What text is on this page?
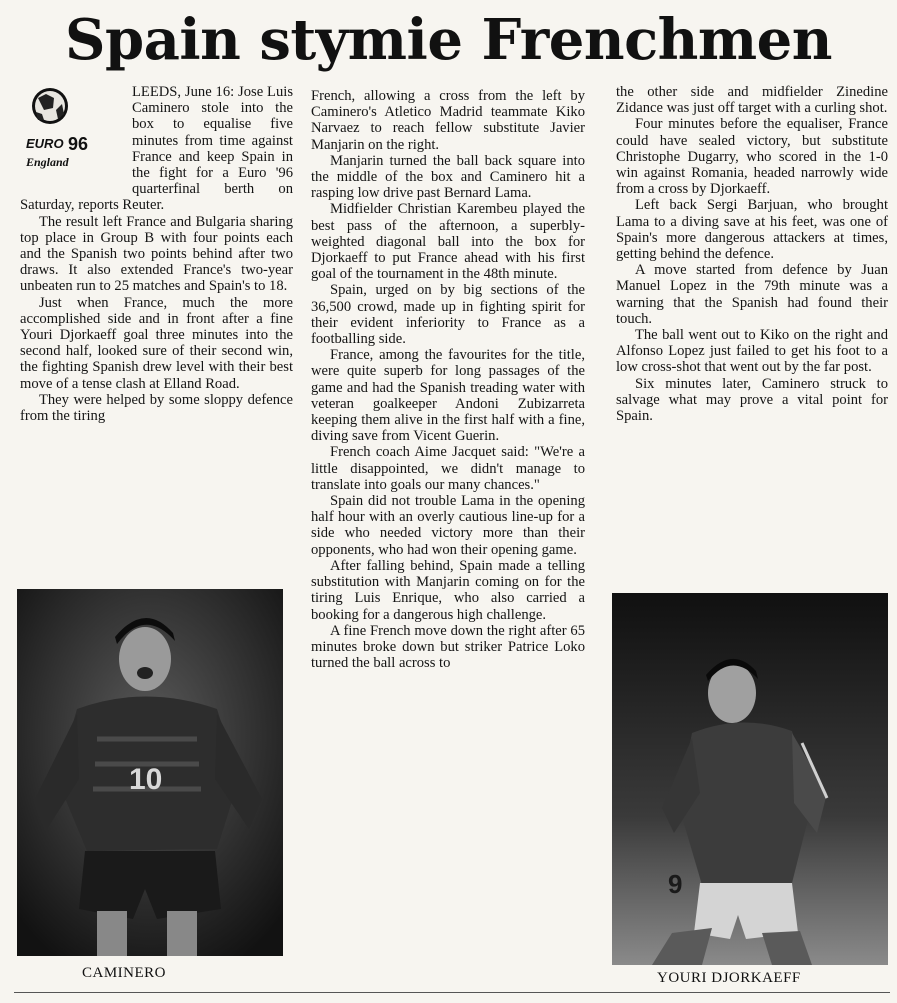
Spain stymie Frenchmen
EURO 96
England

LEEDS, June 16: Jose Luis Caminero stole into the box to equalise five minutes from time against France and keep Spain in the fight for a Euro '96 quarterfinal berth on Saturday, reports Reuter.

The result left France and Bulgaria sharing top place in Group B with four points each and the Spanish two points behind after two draws. It also extended France's two-year unbeaten run to 25 matches and Spain's to 18.

Just when France, much the more accomplished side and in front after a fine Youri Djorkaeff goal three minutes into the second half, looked sure of their second win, the fighting Spanish drew level with their best move of a tense clash at Elland Road.

They were helped by some sloppy defence from the tiring

French, allowing a cross from the left by Caminero's Atletico Madrid teammate Kiko Narvaez to reach fellow substitute Javier Manjarin on the right.

Manjarin turned the ball back square into the middle of the box and Caminero hit a rasping low drive past Bernard Lama.

Midfielder Christian Karembeu played the best pass of the afternoon, a superbly-weighted diagonal ball into the box for Djorkaeff to put France ahead with his first goal of the tournament in the 48th minute.

Spain, urged on by big sections of the 36,500 crowd, made up in fighting spirit for their evident inferiority to France as a footballing side.

France, among the favourites for the title, were quite superb for long passages of the game and had the Spanish treading water with veteran goalkeeper Andoni Zubizarreta keeping them alive in the first half with a fine, diving save from Vicent Guerin.

French coach Aime Jacquet said: "We're a little disappointed, we didn't manage to translate into goals our many chances."

Spain did not trouble Lama in the opening half hour with an overly cautious line-up for a side who needed victory more than their opponents, who had won their opening game.

After falling behind, Spain made a telling substitution with Manjarin coming on for the tiring Luis Enrique, who also carried a booking for a dangerous high challenge.

A fine French move down the right after 65 minutes broke down but striker Patrice Loko turned the ball across to

the other side and midfielder Zinedine Zidance was just off target with a curling shot.

Four minutes before the equaliser, France could have sealed victory, but substitute Christophe Dugarry, who scored in the 1-0 win against Romania, headed narrowly wide from a cross by Djorkaeff.

Left back Sergi Barjuan, who brought Lama to a diving save at his feet, was one of Spain's more dangerous attackers at times, getting behind the defence.

A move started from defence by Juan Manuel Lopez in the 79th minute was a warning that the Spanish had found their touch.

The ball went out to Kiko on the right and Alfonso Lopez just failed to get his foot to a low cross-shot that went out by the far post.

Six minutes later, Caminero struck to salvage what may prove a vital point for Spain.

10
CAMINERO
9
YOURI DJORKAEFF
